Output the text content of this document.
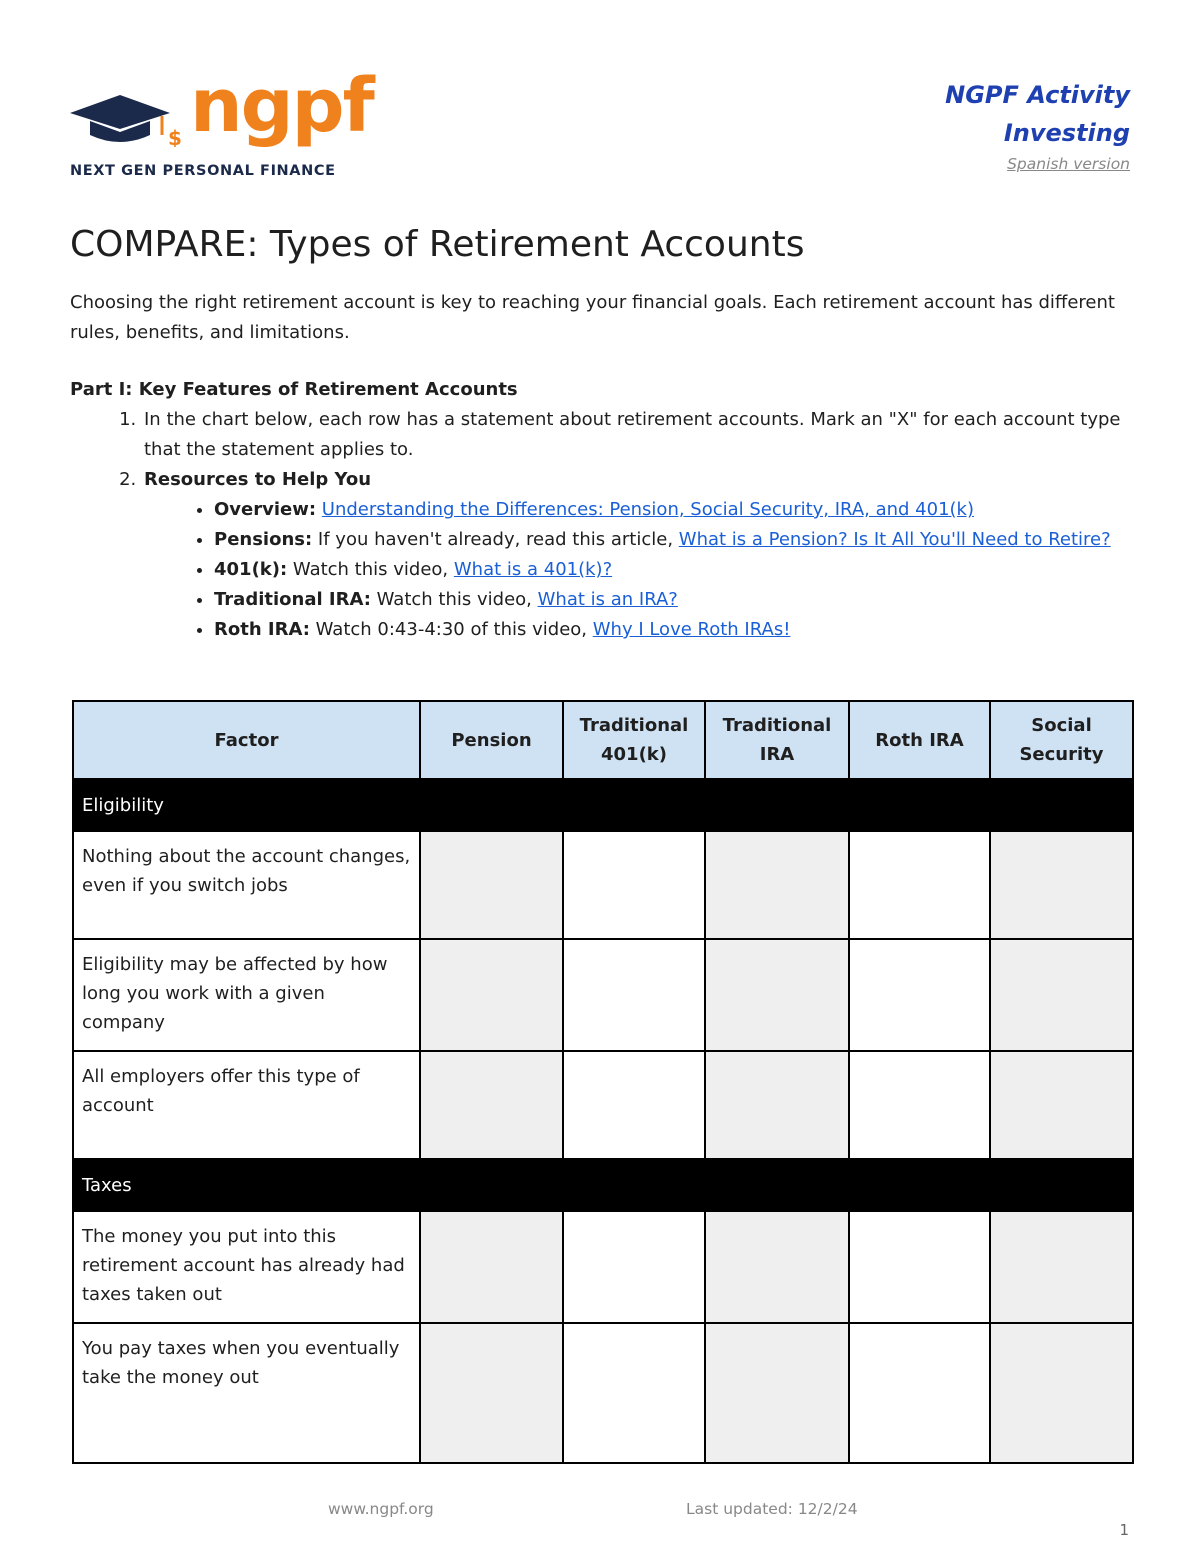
$ ngpf
NEXT GEN PERSONAL FINANCE
NGPF Activity
Investing
Spanish version
COMPARE: Types of Retirement Accounts

Choosing the right retirement account is key to reaching your financial goals. Each retirement account has different rules, benefits, and limitations.

Part I: Key Features of Retirement Accounts
1. In the chart below, each row has a statement about retirement accounts. Mark an "X" for each account type that the statement applies to.
2. Resources to Help You
• Overview: Understanding the Differences: Pension, Social Security, IRA, and 401(k)
• Pensions: If you haven't already, read this article, What is a Pension? Is It All You'll Need to Retire?
• 401(k): Watch this video, What is a 401(k)?
• Traditional IRA: Watch this video, What is an IRA?
• Roth IRA: Watch 0:43-4:30 of this video, Why I Love Roth IRAs!
Factor	Pension	Traditional 401(k)	Traditional IRA	Roth IRA	Social Security
Eligibility					
Nothing about the account changes, even if you switch jobs					
Eligibility may be affected by how long you work with a given company					
All employers offer this type of account					
Taxes					
The money you put into this retirement account has already had taxes taken out					
You pay taxes when you eventually take the money out					
www.ngpf.org	Last updated: 12/2/24
1
